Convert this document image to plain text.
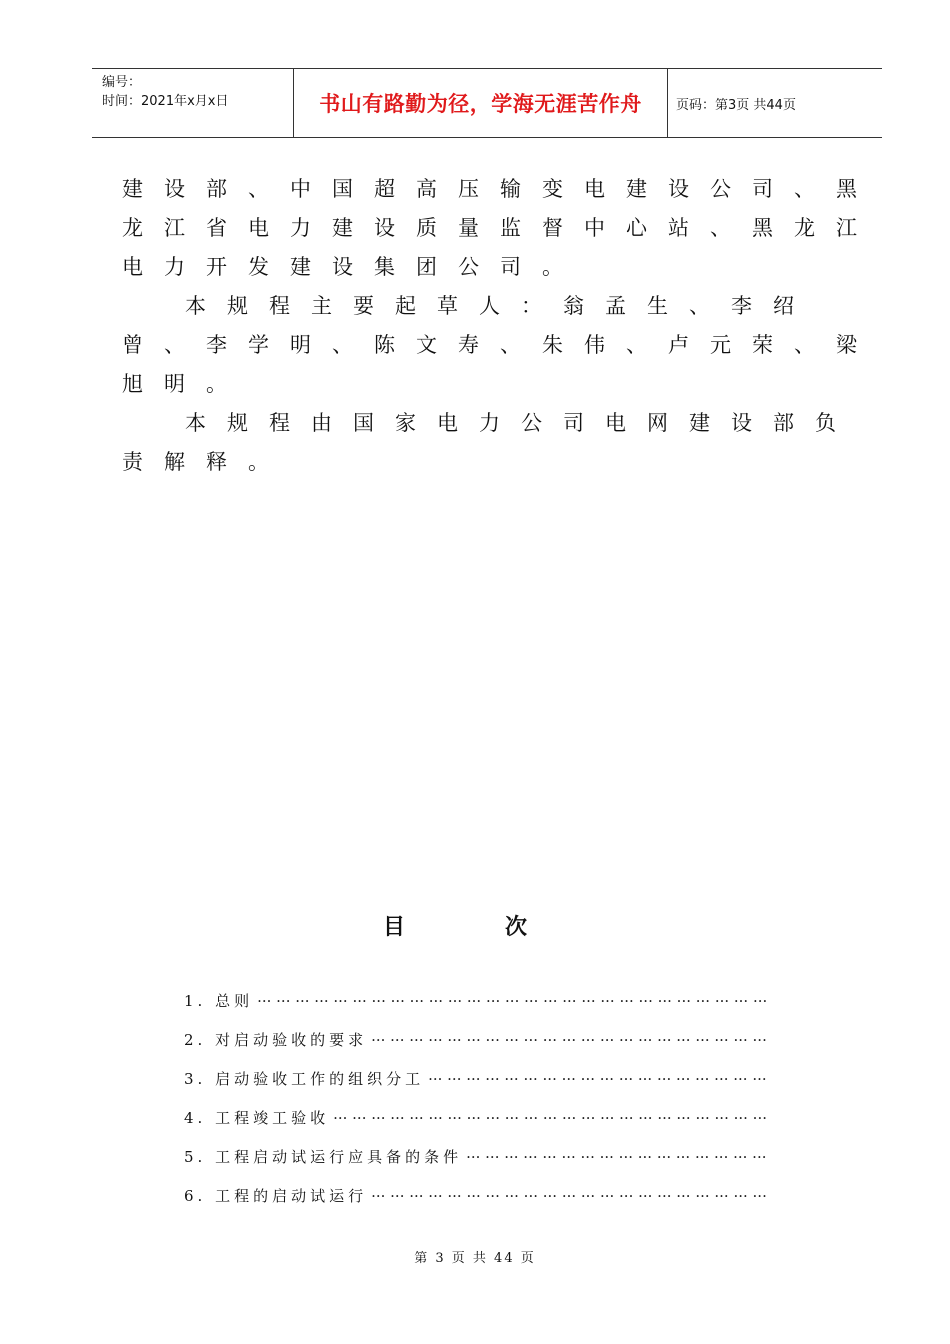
编号：
时间：2021年x月x日	书山有路勤为径，学海无涯苦作舟	页码：第3页 共44页

建设部、中国超高压输变电建设公司、黑龙江省电力建设质量监督中心站、黑龙江电力开发建设集团公司。

本规程主要起草人：翁孟生、李绍曾、李学明、陈文寿、朱伟、卢元荣、梁旭明。

本规程由国家电力公司电网建设部负责解释。

目次
1. 总则
··· ·
2. 对启动验收的要求
··· ·
3. 启动验收工作的组织分工
··· ·
4. 工程竣工验收
··· ·
5. 工程启动试运行应具备的条件
··· ·
6. 工程的启动试运行
··· ·
第 3 页 共 44 页
